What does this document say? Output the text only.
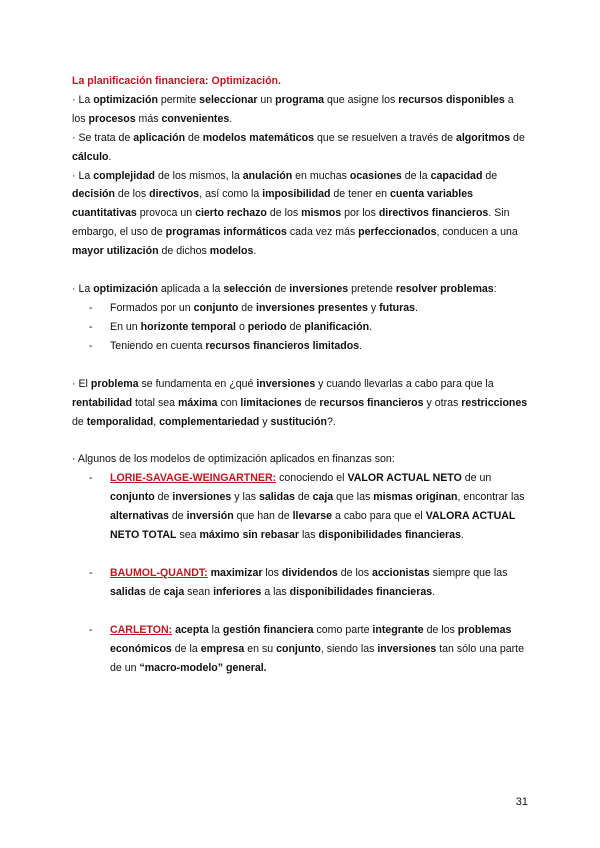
La planificación financiera: Optimización.

· La optimización permite seleccionar un programa que asigne los recursos disponibles a los procesos más convenientes.

· Se trata de aplicación de modelos matemáticos que se resuelven a través de algoritmos de cálculo.

· La complejidad de los mismos, la anulación en muchas ocasiones de la capacidad de decisión de los directivos, así como la imposibilidad de tener en cuenta variables cuantitativas provoca un cierto rechazo de los mismos por los directivos financieros. Sin embargo, el uso de programas informáticos cada vez más perfeccionados, conducen a una mayor utilización de dichos modelos.

· La optimización aplicada a la selección de inversiones pretende resolver problemas:

- Formados por un conjunto de inversiones presentes y futuras.
- En un horizonte temporal o periodo de planificación.
- Teniendo en cuenta recursos financieros limitados.

· El problema se fundamenta en ¿qué inversiones y cuando llevarlas a cabo para que la rentabilidad total sea máxima con limitaciones de recursos financieros y otras restricciones de temporalidad, complementariedad y sustitución?.

· Algunos de los modelos de optimización aplicados en finanzas son:

- LORIE-SAVAGE-WEINGARTNER: conociendo el VALOR ACTUAL NETO de un conjunto de inversiones y las salidas de caja que las mismas originan, encontrar las alternativas de inversión que han de llevarse a cabo para que el VALORA ACTUAL NETO TOTAL sea máximo sin rebasar las disponibilidades financieras.
- BAUMOL-QUANDT: maximizar los dividendos de los accionistas siempre que las salidas de caja sean inferiores a las disponibilidades financieras.
- CARLETON: acepta la gestión financiera como parte integrante de los problemas económicos de la empresa en su conjunto, siendo las inversiones tan sólo una parte de un “macro-modelo” general.
31
